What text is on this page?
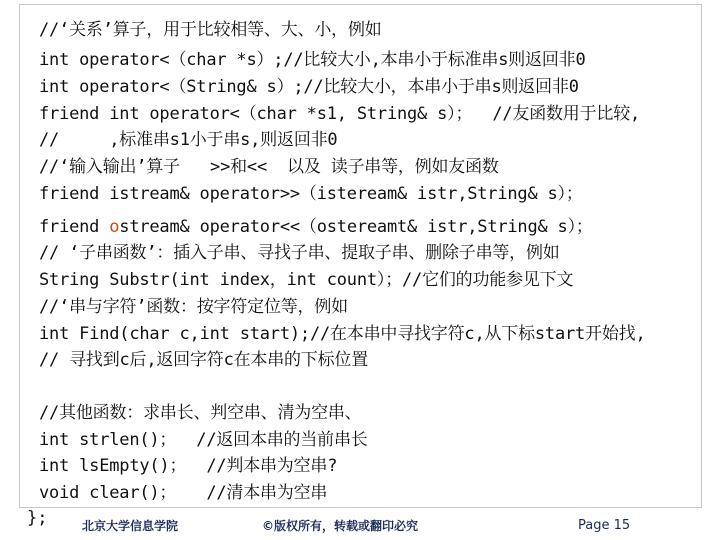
//‘关系’算子，用于比较相等、大、小，例如
int operator<（char *s）;//比较大小,本串小于标准串s则返回非0
int operator<（String& s）;//比较大小，本串小于串s则返回非0
friend int operator<（char *s1, String& s）；  //友函数用于比较,
//     ,标准串s1小于串s,则返回非0
//‘输入输出’算子   >>和<<  以及 读子串等，例如友函数
friend istream& operator>>（isteream& istr,String& s）；
friend ostream& operator<<（ostereamt& istr,String& s）；
// ‘子串函数’：插入子串、寻找子串、提取子串、删除子串等，例如
String Substr(int index，int count）；//它们的功能参见下文
//‘串与字符’函数：按字符定位等，例如
int Find(char c,int start);//在本串中寻找字符c,从下标start开始找,
// 寻找到c后,返回字符c在本串的下标位置
//其他函数：求串长、判空串、清为空串、
int strlen()；  //返回本串的当前串长
int lsEmpty()；  //判本串为空串?
void clear()；   //清本串为空串
};	北京大学信息学院	©版权所有，转载或翻印必究	Page 15
